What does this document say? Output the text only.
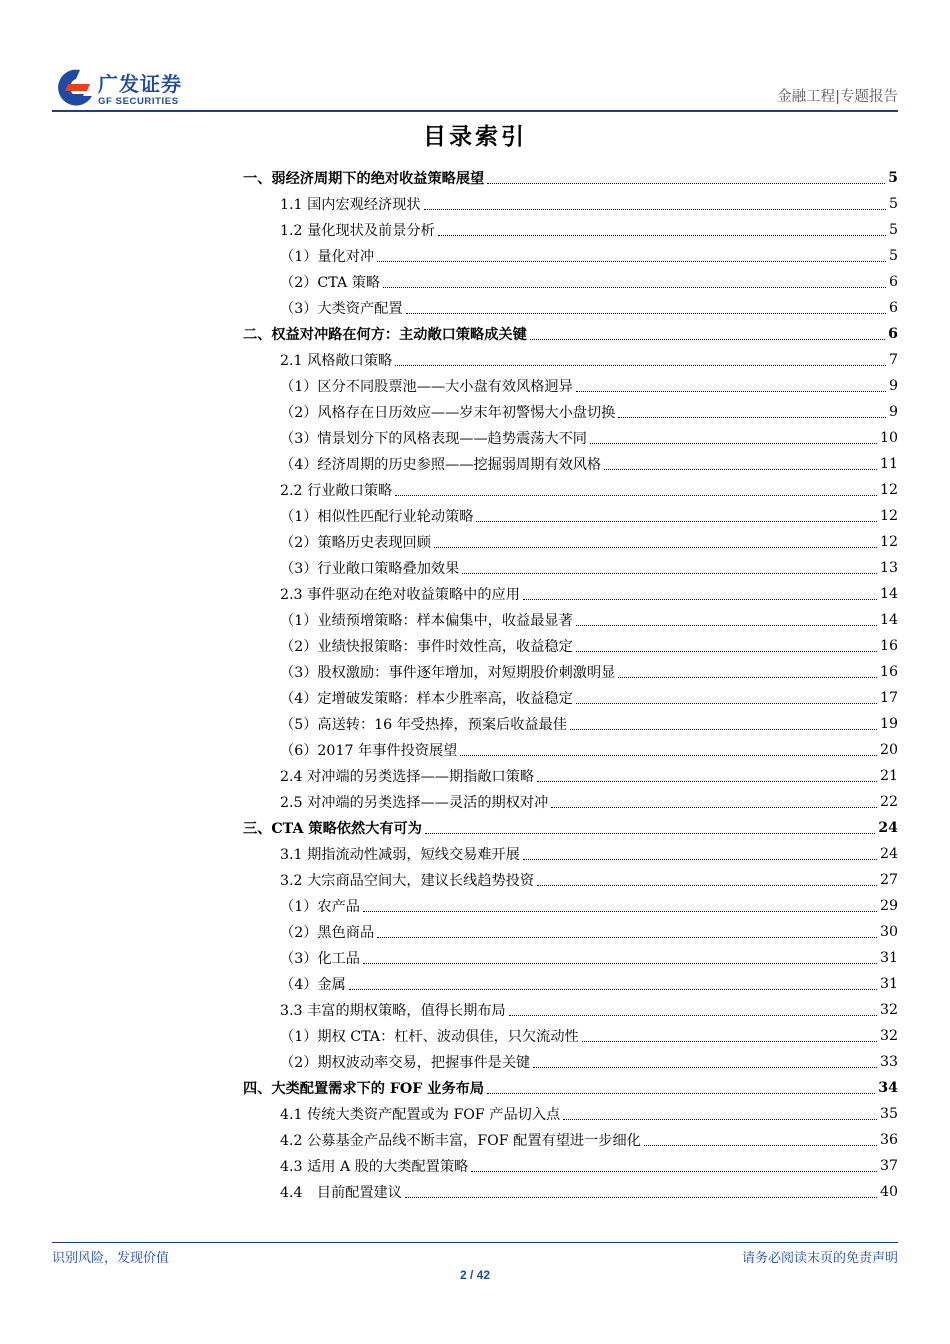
广发证券
GF SECURITIES	金融工程|专题报告
目录索引
一、弱经济周期下的绝对收益策略展望	5
1.1 国内宏观经济现状	5
1.2 量化现状及前景分析	5
（1）量化对冲	5
（2）CTA 策略	6
（3）大类资产配置	6
二、权益对冲路在何方：主动敞口策略成关键	6
2.1 风格敞口策略	7
（1）区分不同股票池——大小盘有效风格迥异	9
（2）风格存在日历效应——岁末年初警惕大小盘切换	9
（3）情景划分下的风格表现——趋势震荡大不同	10
（4）经济周期的历史参照——挖掘弱周期有效风格	11
2.2 行业敞口策略	12
（1）相似性匹配行业轮动策略	12
（2）策略历史表现回顾	12
（3）行业敞口策略叠加效果	13
2.3 事件驱动在绝对收益策略中的应用	14
（1）业绩预增策略：样本偏集中，收益最显著	14
（2）业绩快报策略：事件时效性高，收益稳定	16
（3）股权激励：事件逐年增加，对短期股价刺激明显	16
（4）定增破发策略：样本少胜率高，收益稳定	17
（5）高送转：16 年受热捧，预案后收益最佳	19
（6）2017 年事件投资展望	20
2.4 对冲端的另类选择——期指敞口策略	21
2.5 对冲端的另类选择——灵活的期权对冲	22
三、CTA 策略依然大有可为	24
3.1 期指流动性减弱，短线交易难开展	24
3.2 大宗商品空间大，建议长线趋势投资	27
（1）农产品	29
（2）黑色商品	30
（3）化工品	31
（4）金属	31
3.3 丰富的期权策略，值得长期布局	32
（1）期权 CTA：杠杆、波动俱佳，只欠流动性	32
（2）期权波动率交易，把握事件是关键	33
四、大类配置需求下的 FOF 业务布局	34
4.1 传统大类资产配置或为 FOF 产品切入点	35
4.2 公募基金产品线不断丰富，FOF 配置有望进一步细化	36
4.3 适用 A 股的大类配置策略	37
4.4　目前配置建议	40
识别风险，发现价值	请务必阅读末页的免责声明
2 / 42
